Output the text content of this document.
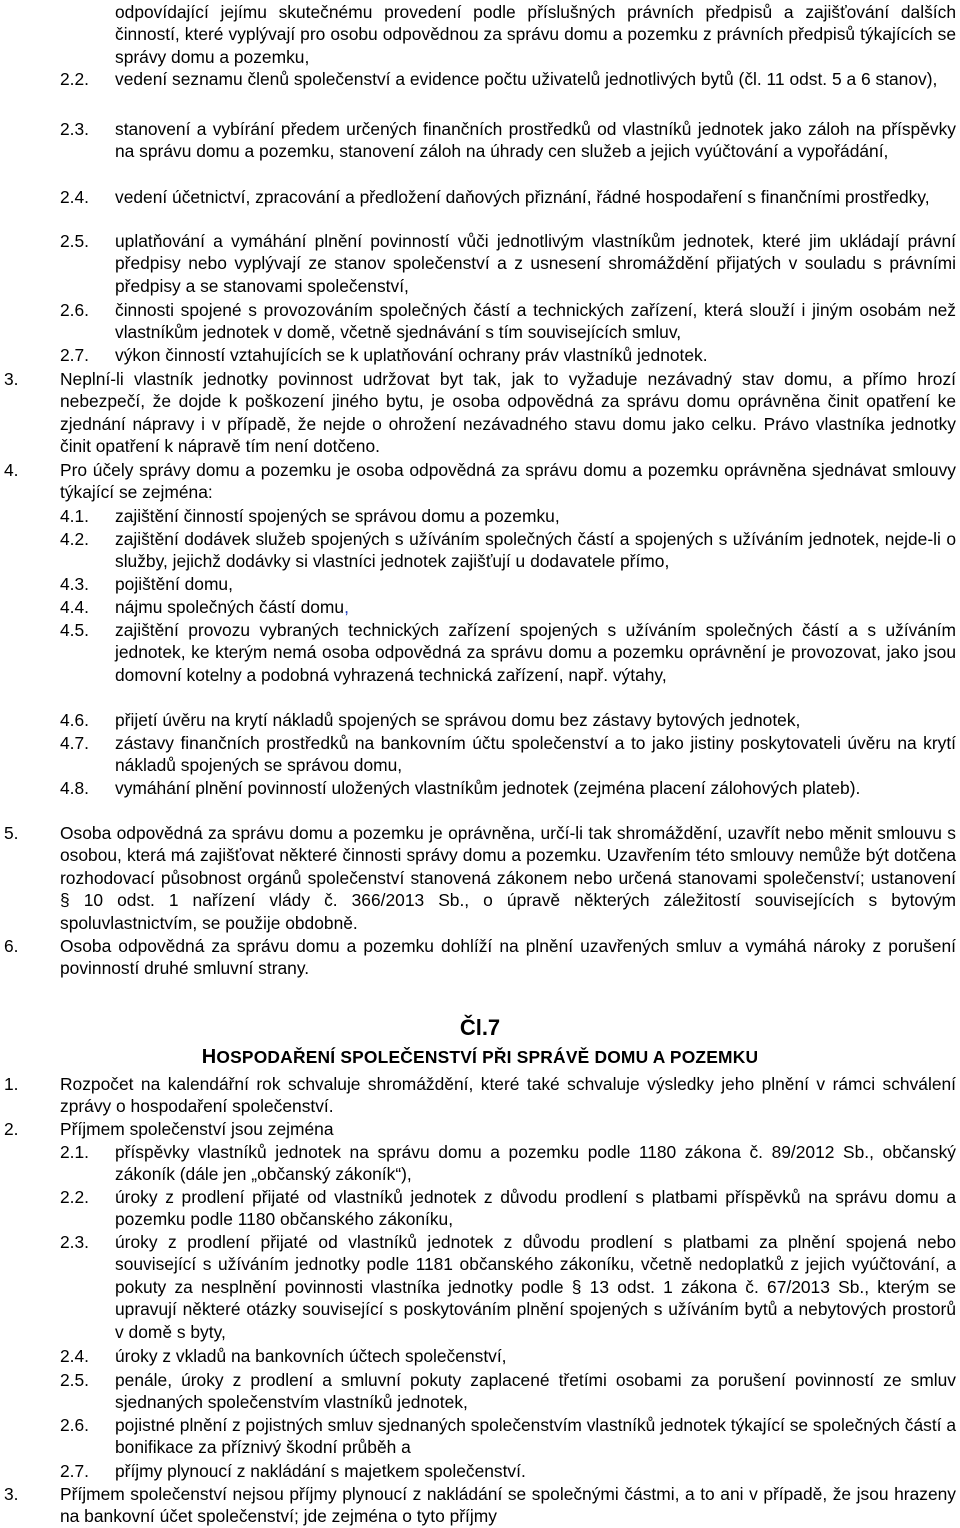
odpovídající jejímu skutečnému provedení podle příslušných právních předpisů a zajišťování dalších činností, které vyplývají pro osobu odpovědnou za správu domu a pozemku z právních předpisů týkajících se správy domu a pozemku,
2.2. vedení seznamu členů společenství a evidence počtu uživatelů jednotlivých bytů (čl. 11 odst. 5 a 6 stanov),
2.3. stanovení a vybírání předem určených finančních prostředků od vlastníků jednotek jako záloh na příspěvky na správu domu a pozemku, stanovení záloh na úhrady cen služeb a jejich vyúčtování a vypořádání,
2.4. vedení účetnictví, zpracování a předložení daňových přiznání, řádné hospodaření s finančními prostředky,
2.5. uplatňování a vymáhání plnění povinností vůči jednotlivým vlastníkům jednotek, které jim ukládají právní předpisy nebo vyplývají ze stanov společenství a z usnesení shromáždění přijatých v souladu s právními předpisy a se stanovami společenství,
2.6. činnosti spojené s provozováním společných částí a technických zařízení, která slouží i jiným osobám než vlastníkům jednotek v domě, včetně sjednávání s tím souvisejících smluv,
2.7. výkon činností vztahujících se k uplatňování ochrany práv vlastníků jednotek.
3. Neplní-li vlastník jednotky povinnost udržovat byt tak, jak to vyžaduje nezávadný stav domu, a přímo hrozí nebezpečí, že dojde k poškození jiného bytu, je osoba odpovědná za správu domu oprávněna činit opatření ke zjednání nápravy i v případě, že nejde o ohrožení nezávadného stavu domu jako celku. Právo vlastníka jednotky činit opatření k nápravě tím není dotčeno.
4. Pro účely správy domu a pozemku je osoba odpovědná za správu domu a pozemku oprávněna sjednávat smlouvy týkající se zejména:
4.1. zajištění činností spojených se správou domu a pozemku,
4.2. zajištění dodávek služeb spojených s užíváním společných částí a spojených s užíváním jednotek, nejde-li o služby, jejichž dodávky si vlastníci jednotek zajišťují u dodavatele přímo,
4.3. pojištění domu,
4.4. nájmu společných částí domu,
4.5. zajištění provozu vybraných technických zařízení spojených s užíváním společných částí a s užíváním jednotek, ke kterým nemá osoba odpovědná za správu domu a pozemku oprávnění je provozovat, jako jsou domovní kotelny a podobná vyhrazená technická zařízení, např. výtahy,
4.6. přijetí úvěru na krytí nákladů spojených se správou domu bez zástavy bytových jednotek,
4.7. zástavy finančních prostředků na bankovním účtu společenství a to jako jistiny poskytovateli úvěru na krytí nákladů spojených se správou domu,
4.8. vymáhání plnění povinností uložených vlastníkům jednotek (zejména placení zálohových plateb).
5. Osoba odpovědná za správu domu a pozemku je oprávněna, určí-li tak shromáždění, uzavřít nebo měnit smlouvu s osobou, která má zajišťovat některé činnosti správy domu a pozemku. Uzavřením této smlouvy nemůže být dotčena rozhodovací působnost orgánů společenství stanovená zákonem nebo určená stanovami společenství; ustanovení § 10 odst. 1 nařízení vlády č. 366/2013 Sb., o úpravě některých záležitostí souvisejících s bytovým spoluvlastnictvím, se použije obdobně.
6. Osoba odpovědná za správu domu a pozemku dohlíží na plnění uzavřených smluv a vymáhá nároky z porušení povinností druhé smluvní strany.
Čl.7
HOSPODAŘENÍ SPOLEČENSTVÍ PŘI SPRÁVĚ DOMU A POZEMKU
1. Rozpočet na kalendářní rok schvaluje shromáždění, které také schvaluje výsledky jeho plnění v rámci schválení zprávy o hospodaření společenství.
2. Příjmem společenství jsou zejména
2.1. příspěvky vlastníků jednotek na správu domu a pozemku podle 1180 zákona č. 89/2012 Sb., občanský zákoník (dále jen „občanský zákoník“),
2.2. úroky z prodlení přijaté od vlastníků jednotek z důvodu prodlení s platbami příspěvků na správu domu a pozemku podle 1180 občanského zákoníku,
2.3. úroky z prodlení přijaté od vlastníků jednotek z důvodu prodlení s platbami za plnění spojená nebo související s užíváním jednotky podle 1181 občanského zákoníku, včetně nedoplatků z jejich vyúčtování, a pokuty za nesplnění povinnosti vlastníka jednotky podle § 13 odst. 1 zákona č. 67/2013 Sb., kterým se upravují některé otázky související s poskytováním plnění spojených s užíváním bytů a nebytových prostorů v domě s byty,
2.4. úroky z vkladů na bankovních účtech společenství,
2.5. penále, úroky z prodlení a smluvní pokuty zaplacené třetími osobami za porušení povinností ze smluv sjednaných společenstvím vlastníků jednotek,
2.6. pojistné plnění z pojistných smluv sjednaných společenstvím vlastníků jednotek týkající se společných částí a bonifikace za příznivý škodní průběh a
2.7. příjmy plynoucí z nakládání s majetkem společenství.
3. Příjmem společenství nejsou příjmy plynoucí z nakládání se společnými částmi, a to ani v případě, že jsou hrazeny na bankovní účet společenství; jde zejména o tyto příjmy
